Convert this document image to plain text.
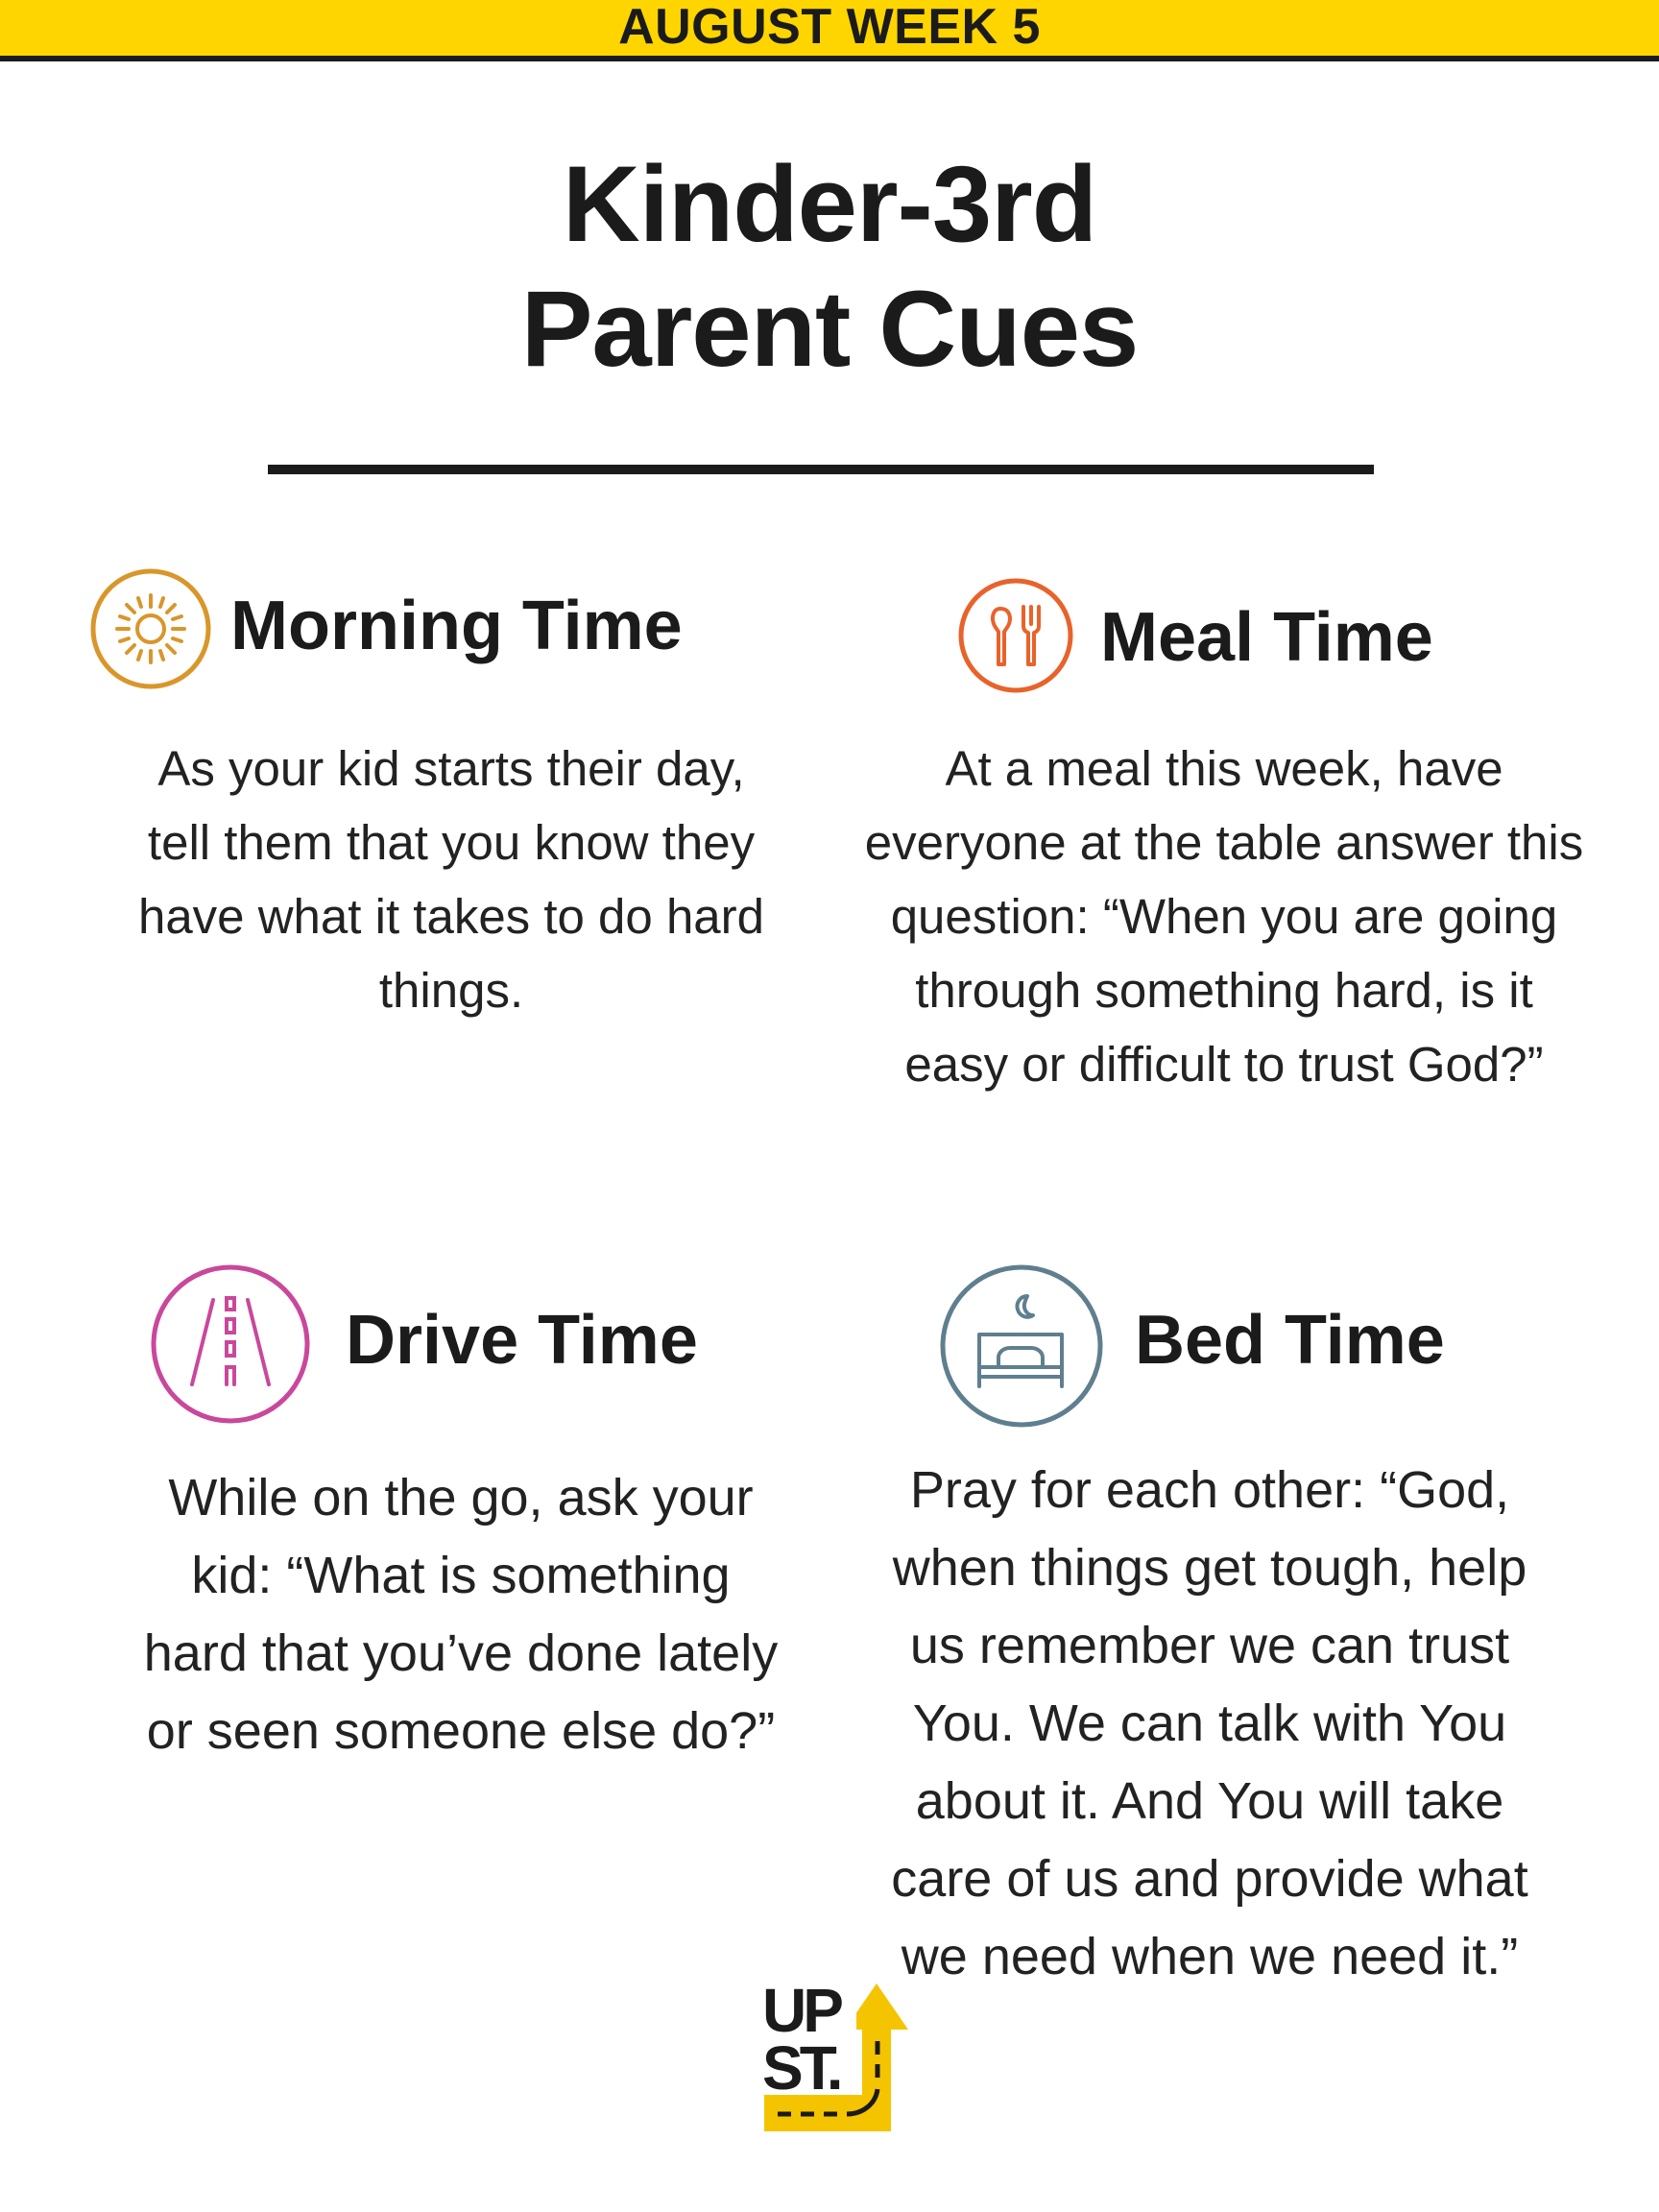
AUGUST WEEK 5
Kinder-3rd
Parent Cues
Morning Time
As your kid starts their day,
tell them that you know they
have what it takes to do hard
things.
Meal Time
At a meal this week, have
everyone at the table answer this
question: “When you are going
through something hard, is it
easy or difficult to trust God?”
Drive Time
While on the go, ask your
kid: “What is something
hard that you’ve done lately
or seen someone else do?”
Bed Time
Pray for each other: “God,
when things get tough, help
us remember we can trust
You. We can talk with You
about it. And You will take
care of us and provide what
we need when we need it.”
UP
ST.
